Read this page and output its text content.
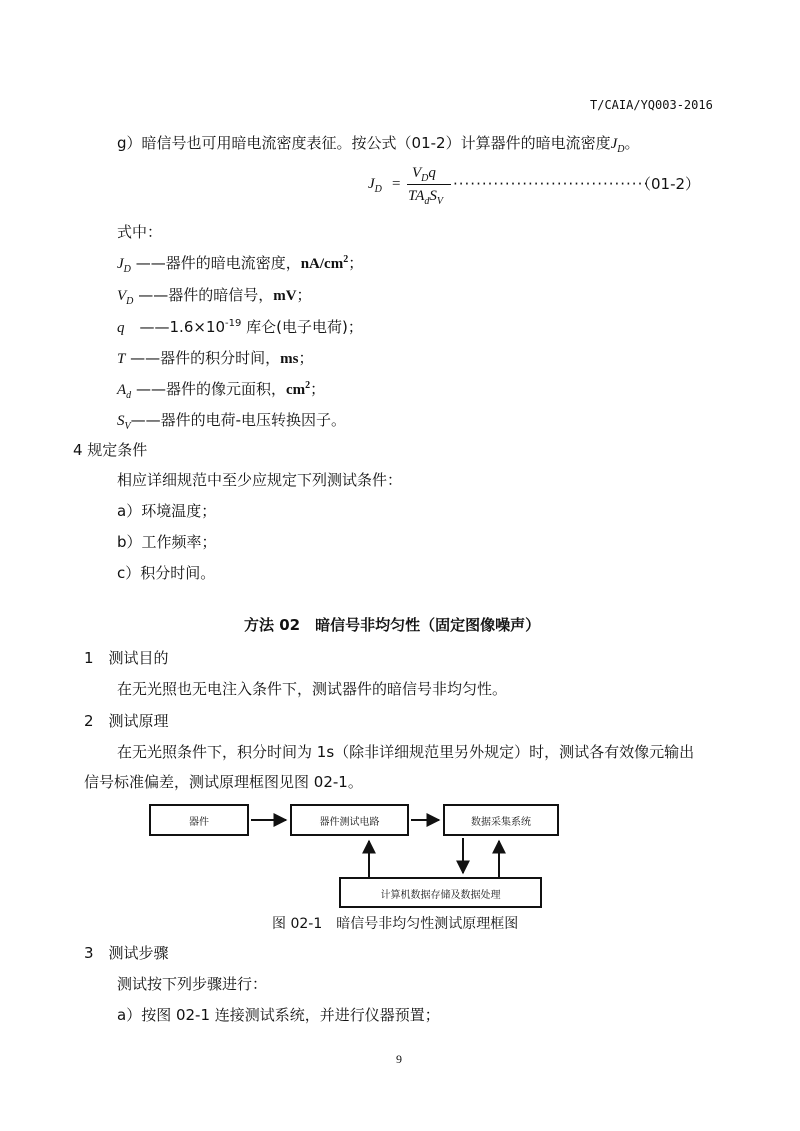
T/CAIA/YQ003-2016
g）暗信号也可用暗电流密度表征。按公式（01-2）计算器件的暗电流密度$J_D$。
$J_D$ =
$V_Dq$
$TA_dS_V$
··································
（01-2）
式中：
$J_D$ ——器件的暗电流密度，$nA/cm^2$；
$V_D$ ——器件的暗信号，mV；
q　 $——1.6\times 10^{-19}$ 库仑(电子电荷)；
T ——器件的积分时间，ms；
$A_d$ ——器件的像元面积，$cm^2$；
$S_V——$器件的电荷-电压转换因子。
4 规定条件
相应详细规范中至少应规定下列测试条件：
a）环境温度；
b）工作频率；
c）积分时间。
方法 02　暗信号非均匀性（固定图像噪声）
1　测试目的
在无光照也无电注入条件下，测试器件的暗信号非均匀性。
2　测试原理
在无光照条件下，积分时间为 1s（除非详细规范里另外规定）时，测试各有效像元输出
信号标准偏差，测试原理框图见图 02-1。
器件	器件测试电路	数据采集系统
计算机数据存储及数据处理
图 02-1　暗信号非均匀性测试原理框图
3　测试步骤
测试按下列步骤进行：
a）按图 02-1 连接测试系统，并进行仪器预置；
9
